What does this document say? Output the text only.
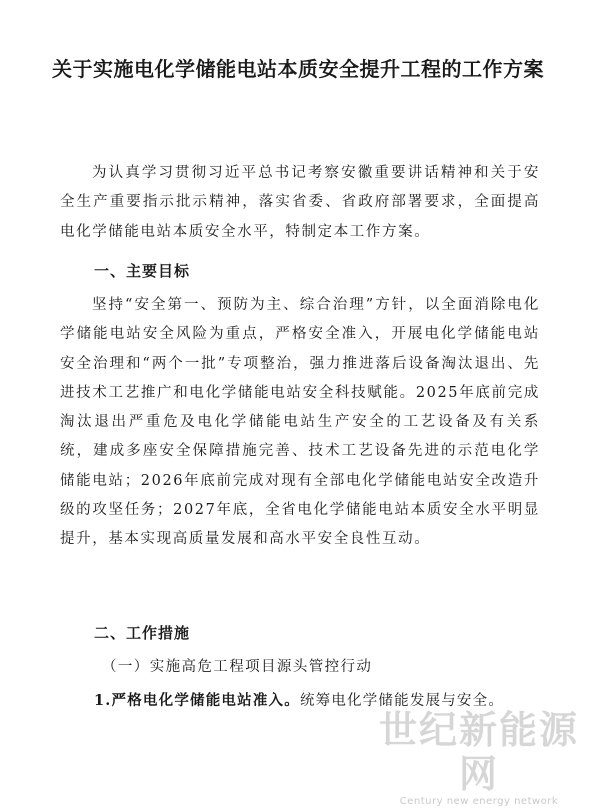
关于实施电化学储能电站本质安全提升工程的工作方案
为认真学习贯彻习近平总书记考察安徽重要讲话精神和关于安全生产重要指示批示精神，落实省委、省政府部署要求，全面提高电化学储能电站本质安全水平，特制定本工作方案。
一、主要目标
坚持“安全第一、预防为主、综合治理”方针，以全面消除电化学储能电站安全风险为重点，严格安全准入，开展电化学储能电站安全治理和“两个一批”专项整治，强力推进落后设备淘汰退出、先进技术工艺推广和电化学储能电站安全科技赋能。2025年底前完成淘汰退出严重危及电化学储能电站生产安全的工艺设备及有关系统，建成多座安全保障措施完善、技术工艺设备先进的示范电化学储能电站；2026年底前完成对现有全部电化学储能电站安全改造升级的攻坚任务；2027年底，全省电化学储能电站本质安全水平明显提升，基本实现高质量发展和高水平安全良性互动。
二、工作措施
（一）实施高危工程项目源头管控行动
1.严格电化学储能电站准入。统筹电化学储能发展与安全。
世纪新能源网
Century new energy network
